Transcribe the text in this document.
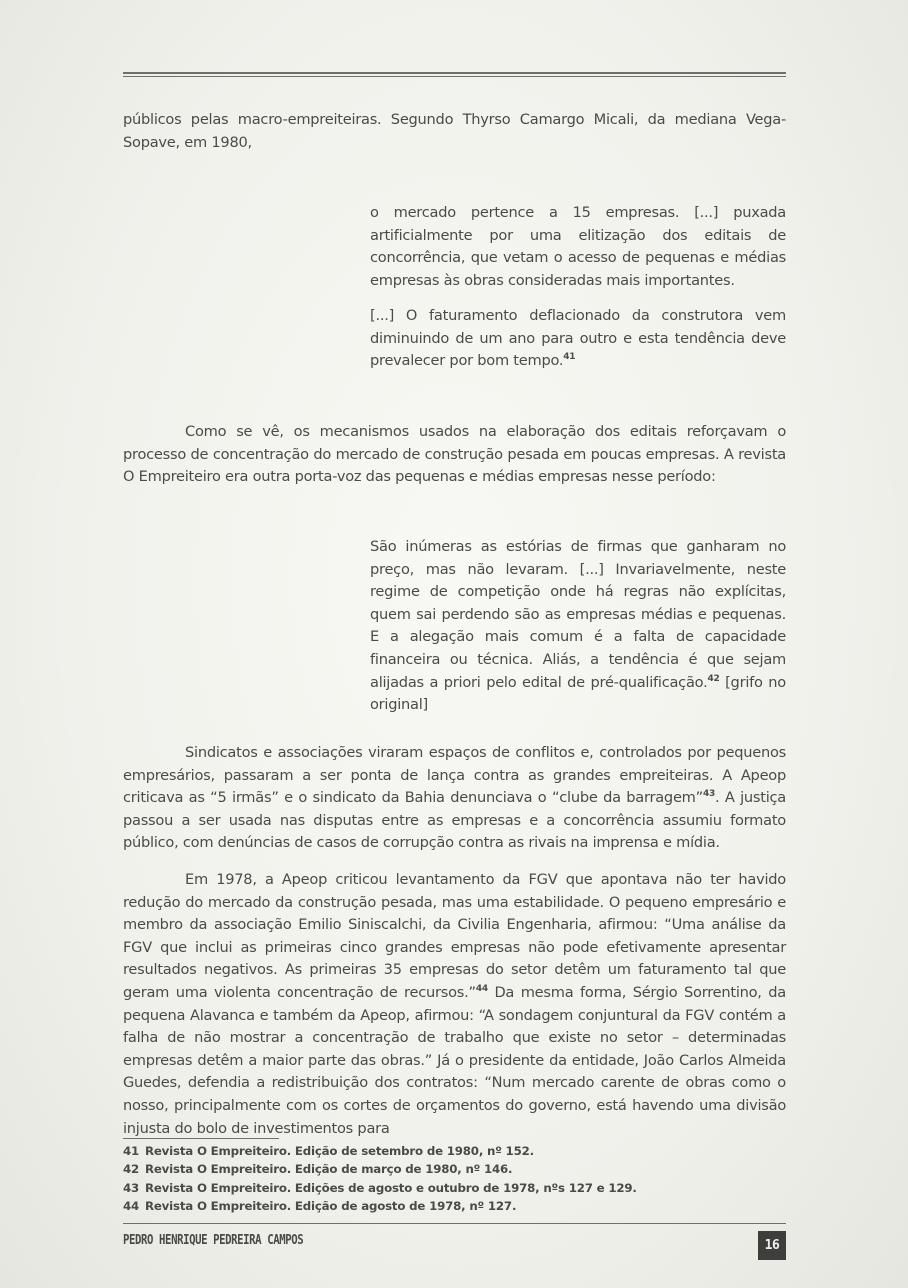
públicos pelas macro-empreiteiras. Segundo Thyrso Camargo Micali, da mediana Vega-Sopave, em 1980,

o mercado pertence a 15 empresas. [...] puxada artificialmente por uma elitização dos editais de concorrência, que vetam o acesso de pequenas e médias empresas às obras consideradas mais importantes.

[...] O faturamento deflacionado da construtora vem diminuindo de um ano para outro e esta tendência deve prevalecer por bom tempo.$^{41}$

Como se vê, os mecanismos usados na elaboração dos editais reforçavam o processo de concentração do mercado de construção pesada em poucas empresas. A revista O Empreiteiro era outra porta-voz das pequenas e médias empresas nesse período:

São inúmeras as estórias de firmas que ganharam no preço, mas não levaram. [...] Invariavelmente, neste regime de competição onde há regras não explícitas, quem sai perdendo são as empresas médias e pequenas. E a alegação mais comum é a falta de capacidade financeira ou técnica. Aliás, a tendência é que sejam alijadas a priori pelo edital de pré-qualificação.$^{42}$ [grifo no original]

Sindicatos e associações viraram espaços de conflitos e, controlados por pequenos empresários, passaram a ser ponta de lança contra as grandes empreiteiras. A Apeop criticava as “5 irmãs” e o sindicato da Bahia denunciava o “clube da barragem”$^{43}$. A justiça passou a ser usada nas disputas entre as empresas e a concorrência assumiu formato público, com denúncias de casos de corrupção contra as rivais na imprensa e mídia.

Em 1978, a Apeop criticou levantamento da FGV que apontava não ter havido redução do mercado da construção pesada, mas uma estabilidade. O pequeno empresário e membro da associação Emilio Siniscalchi, da Civilia Engenharia, afirmou: “Uma análise da FGV que inclui as primeiras cinco grandes empresas não pode efetivamente apresentar resultados negativos. As primeiras 35 empresas do setor detêm um faturamento tal que geram uma violenta concentração de recursos.”$^{44}$ Da mesma forma, Sérgio Sorrentino, da pequena Alavanca e também da Apeop, afirmou: “A sondagem conjuntural da FGV contém a falha de não mostrar a concentração de trabalho que existe no setor – determinadas empresas detêm a maior parte das obras.” Já o presidente da entidade, João Carlos Almeida Guedes, defendia a redistribuição dos contratos: “Num mercado carente de obras como o nosso, principalmente com os cortes de orçamentos do governo, está havendo uma divisão injusta do bolo de investimentos para

41 Revista O Empreiteiro. Edição de setembro de 1980, nº 152.
42 Revista O Empreiteiro. Edição de março de 1980, nº 146.
43 Revista O Empreiteiro. Edições de agosto e outubro de 1978, nºs 127 e 129.
44 Revista O Empreiteiro. Edição de agosto de 1978, nº 127.
PEDRO HENRIQUE PEDREIRA CAMPOS	16
